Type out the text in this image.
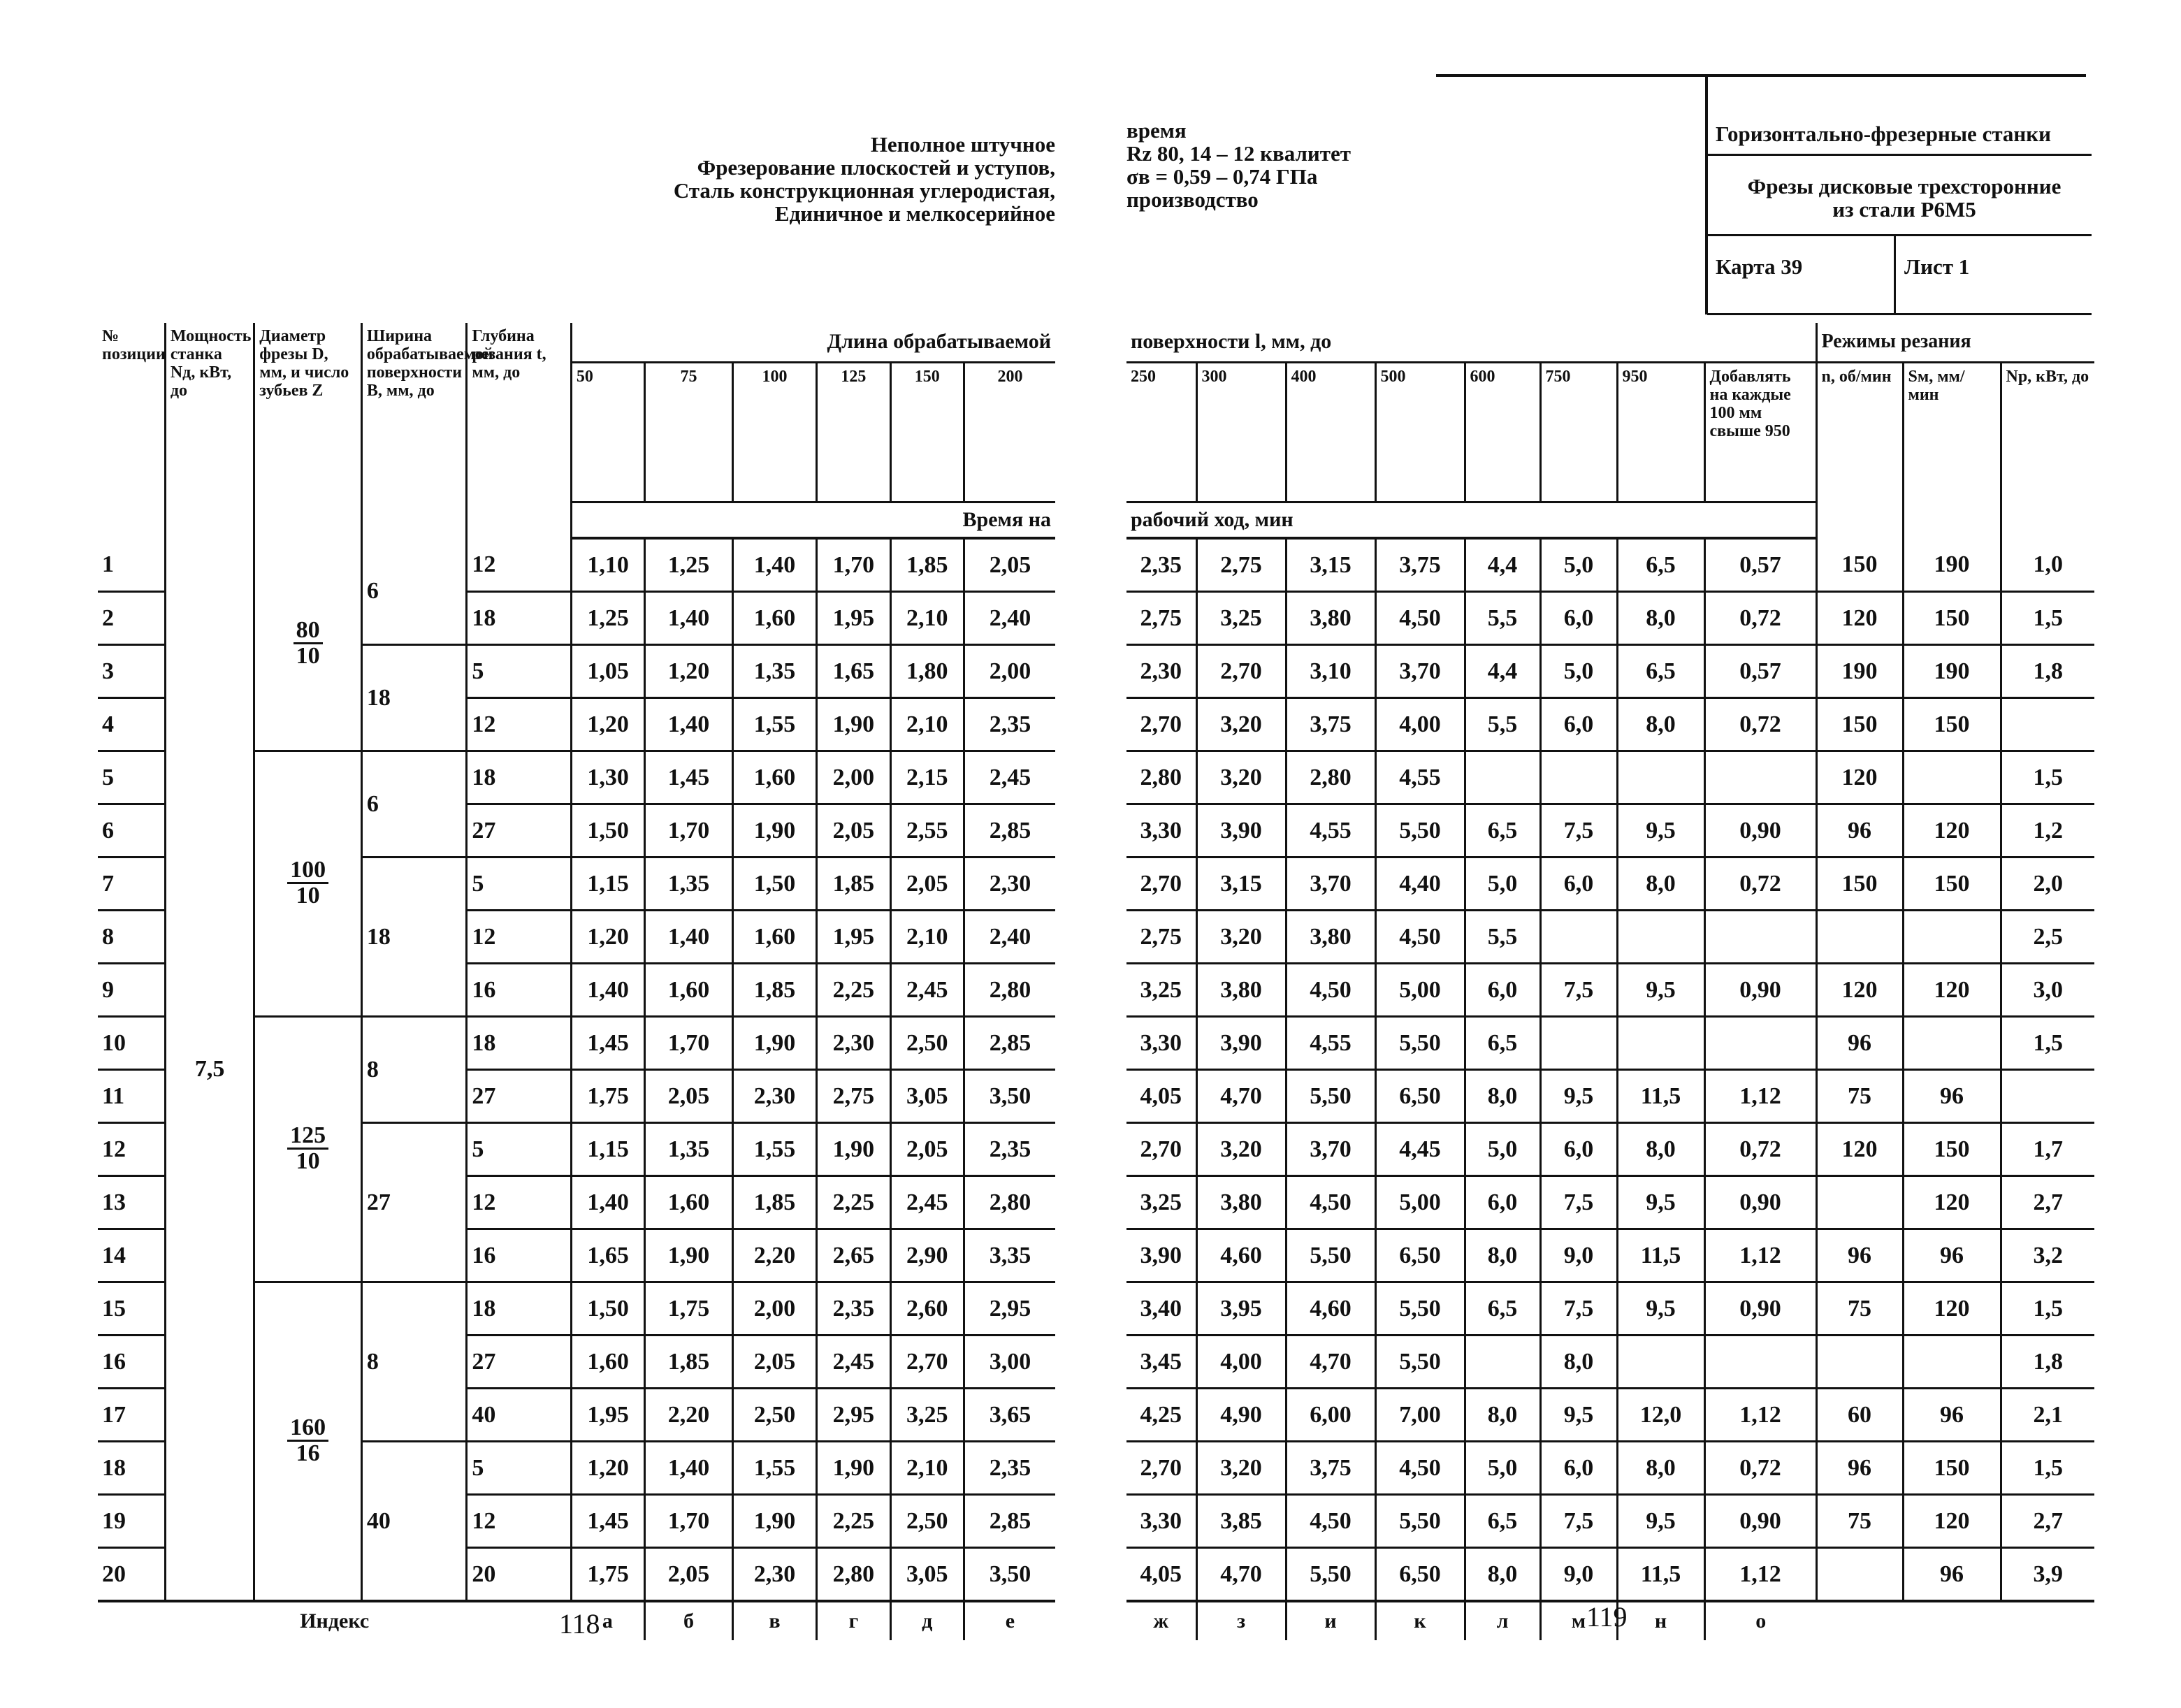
Неполное штучное
Фрезерование плоскостей и уступов,
Сталь конструкционная углеродистая,
Единичное и мелкосерийное
время
Rz 80, 14 – 12 квалитет
σв = 0,59 – 0,74 ГПа
производство
Горизонтально-фрезерные станки
Фрезы дисковые трехсторонние
из стали Р6М5
Карта 39	Лист 1
№ позиции	Мощность станка Nд, кВт, до	Диаметр фрезы D, мм, и число зубьев Z	Ширина обрабатываемой поверхности B, мм, до	Глубина резания t, мм, до	Длина обрабатываемой					
					50	75	100	125	150	200
					Время на					
1	7,5	$\frac{80}{10}$	6	12	1,10	1,25	1,40	1,70	1,85	2,05
2				18	1,25	1,40	1,60	1,95	2,10	2,40
3			18	5	1,05	1,20	1,35	1,65	1,80	2,00
4				12	1,20	1,40	1,55	1,90	2,10	2,35
5		$\frac{100}{10}$	6	18	1,30	1,45	1,60	2,00	2,15	2,45
6				27	1,50	1,70	1,90	2,05	2,55	2,85
7			18	5	1,15	1,35	1,50	1,85	2,05	2,30
8				12	1,20	1,40	1,60	1,95	2,10	2,40
9				16	1,40	1,60	1,85	2,25	2,45	2,80
10		$\frac{125}{10}$	8	18	1,45	1,70	1,90	2,30	2,50	2,85
11				27	1,75	2,05	2,30	2,75	3,05	3,50
12			27	5	1,15	1,35	1,55	1,90	2,05	2,35
13				12	1,40	1,60	1,85	2,25	2,45	2,80
14				16	1,65	1,90	2,20	2,65	2,90	3,35
15		$\frac{160}{16}$	8	18	1,50	1,75	2,00	2,35	2,60	2,95
16				27	1,60	1,85	2,05	2,45	2,70	3,00
17				40	1,95	2,20	2,50	2,95	3,25	3,65
18			40	5	1,20	1,40	1,55	1,90	2,10	2,35
19				12	1,45	1,70	1,90	2,25	2,50	2,85
20				20	1,75	2,05	2,30	2,80	3,05	3,50
Индекс					а	б	в	г	д	е
поверхности l, мм, до								Режимы резания		
250	300	400	500	600	750	950	Добавлять на каждые 100 мм свыше 950	n, об/мин	Sм, мм/мин	Nр, кВт, до
рабочий ход, мин										
2,35	2,75	3,15	3,75	4,4	5,0	6,5	0,57	150	190	1,0
2,75	3,25	3,80	4,50	5,5	6,0	8,0	0,72	120	150	1,5
2,30	2,70	3,10	3,70	4,4	5,0	6,5	0,57	190	190	1,8
2,70	3,20	3,75	4,00	5,5	6,0	8,0	0,72	150	150	
2,80	3,20	2,80	4,55					120		1,5
3,30	3,90	4,55	5,50	6,5	7,5	9,5	0,90	96	120	1,2
2,70	3,15	3,70	4,40	5,0	6,0	8,0	0,72	150	150	2,0
2,75	3,20	3,80	4,50	5,5						2,5
3,25	3,80	4,50	5,00	6,0	7,5	9,5	0,90	120	120	3,0
3,30	3,90	4,55	5,50	6,5				96		1,5
4,05	4,70	5,50	6,50	8,0	9,5	11,5	1,12	75	96	
2,70	3,20	3,70	4,45	5,0	6,0	8,0	0,72	120	150	1,7
3,25	3,80	4,50	5,00	6,0	7,5	9,5	0,90		120	2,7
3,90	4,60	5,50	6,50	8,0	9,0	11,5	1,12	96	96	3,2
3,40	3,95	4,60	5,50	6,5	7,5	9,5	0,90	75	120	1,5
3,45	4,00	4,70	5,50		8,0					1,8
4,25	4,90	6,00	7,00	8,0	9,5	12,0	1,12	60	96	2,1
2,70	3,20	3,75	4,50	5,0	6,0	8,0	0,72	96	150	1,5
3,30	3,85	4,50	5,50	6,5	7,5	9,5	0,90	75	120	2,7
4,05	4,70	5,50	6,50	8,0	9,0	11,5	1,12		96	3,9
ж	з	и	к	л	м	н	о			
118	119
